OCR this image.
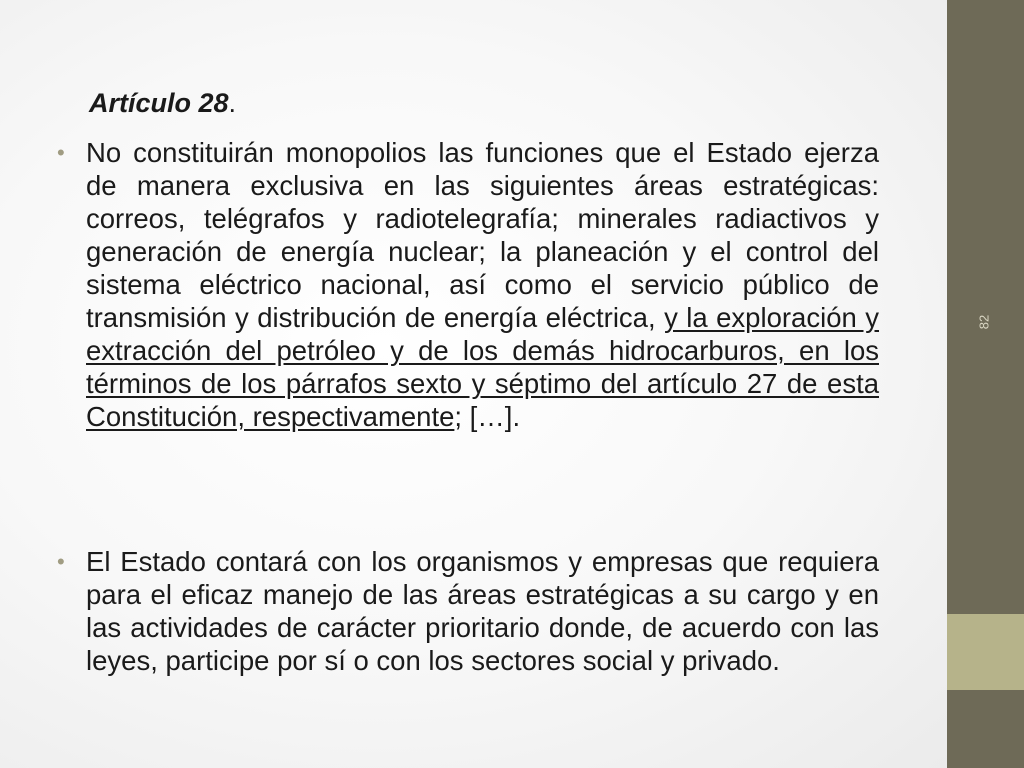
82
Artículo 28.
• No constituirán monopolios las funciones que el Estado ejerza de manera exclusiva en las siguientes áreas estratégicas: correos, telégrafos y radiotelegrafía; minerales radiactivos y generación de energía nuclear; la planeación y el control del sistema eléctrico nacional, así como el servicio público de transmisión y distribución de energía eléctrica, y la exploración y extracción del petróleo y de los demás hidrocarburos, en los términos de los párrafos sexto y séptimo del artículo 27 de esta Constitución, respectivamente; […].
• El Estado contará con los organismos y empresas que requiera para el eficaz manejo de las áreas estratégicas a su cargo y en las actividades de carácter prioritario donde, de acuerdo con las leyes, participe por sí o con los sectores social y privado.
